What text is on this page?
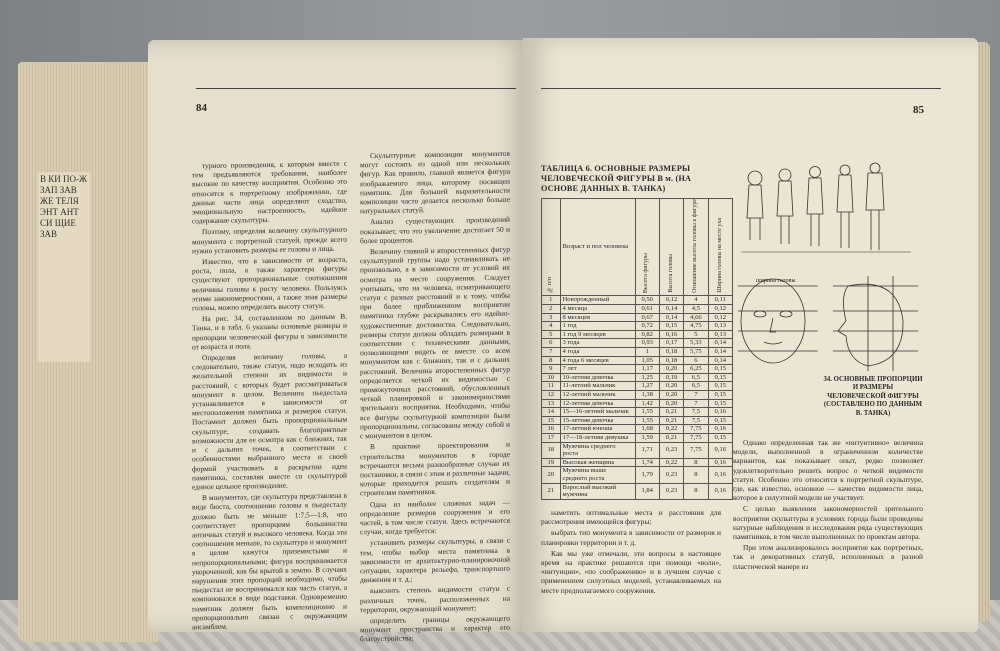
В КИ ПО-Ж ЗАП ЗАВ ЖЕ ТЕЛЯ ЭНТ АНТ СИ ЩИЕ ЗАВ
84

турного произведения, к которым вместе с тем предъявляются требования, наиболее высокие по качеству восприятия. Особенно это относится к портретному изображению, где данные части лица определяют сходство, эмоциональную настроенность, идейное содержание скульптуры.

Поэтому, определяя величину скульптурного монумента с портретной статуей, прежде всего нужно установить размеры ее головы и лица.

Известно, что в зависимости от возраста, роста, пола, а также характера фигуры существуют пропорциональные соотношения величины головы к росту человека. Пользуясь этими закономерностями, а также зная размеры головы, можно определить высоту статуи.

На рис. 34, составленном по данным В. Танка, и в табл. 6 указаны основные размеры и пропорции человеческой фигуры в зависимости от возраста и пола.

Определяя величину головы, а следовательно, также статуи, надо исходить из желательной степени их видимости и расстояний, с которых будет рассматриваться монумент в целом. Величина пьедестала устанавливается в зависимости от местоположения памятника и размеров статуи. Постамент должен быть пропорциональным скульптуре, создавать благоприятные возможности для ее осмотра как с ближних, так и с дальних точек, в соответствии с особенностями выбранного места и своей формой участвовать в раскрытии идеи памятника, составляя вместе со скульптурой единое цельное произведение.

В монументах, где скульптура представлена в виде бюста, соотношение головы к пьедесталу должно быть не меньше 1:7,5—1:8, что соответствует пропорциям большинства античных статуй и высокого человека. Когда эти соотношения меньше, то скульптура и монумент в целом кажутся приземистыми и непропорциональными; фигура воспринимается укороченной, как бы врытой в землю. В случаях нарушения этих пропорций необходимо, чтобы пьедестал не воспринимался как часть статуи, а компоновался в виде подставки. Одновременно памятник должен быть композиционно и пропорционально связан с окружающим ансамблем.

Скульптурные композиции монументов могут состоять из одной или нескольких фигур. Как правило, главной является фигура изображаемого лица, которому посвящен памятник. Для большей выразительности композиции часто делается несколько больше натуральных статуй.

Анализ существующих произведений показывает, что это увеличение достигает 50 и более процентов.

Величину главной и второстепенных фигур скульптурной группы надо устанавливать не произвольно, а в зависимости от условий их осмотра на месте сооружения. Следует учитывать, что на человека, осматривающего статуи с разных расстояний и к тому, чтобы при более приближенном восприятии памятника глубже раскрывались его идейно-художественные достоинства. Следовательно, размеры статуи должна обладать размерами в соответствии с техническими данными, позволяющими видеть ее вместе со всем монументом как с ближних, так и с дальних расстояний. Величина второстепенных фигур определяется четкой их видимостью с промежуточных расстояний, обусловленных четкой планировкой и закономерностями зрительного восприятия. Необходимо, чтобы все фигуры скульптурной композиции были пропорциональны, согласованы между собой и с монументом в целом.

В практике проектирования и строительства монументов в городе встречаются весьма разнообразные случаи их постановки, в связи с этим и различные задачи, которые приходится решать создателям и строителям памятников.

Одна из наиболее сложных задач — определение размеров сооружения и его частей, в том числе статуи. Здесь встречаются случаи, когда требуется:

установить размеры скульптуры, в связи с тем, чтобы выбор места памятника в зависимости от архитектурно-планировочной ситуации, характера рельефа, транспортного движения и т. д.;

выяснить степень видимости статуи с различных точек, расположенных на территории, окружающей монумент;

определить границы окружающего монумент пространства и характер его благоустройства;

85
ТАБЛИЦА 6. ОСНОВНЫЕ РАЗМЕРЫ ЧЕЛОВЕЧЕСКОЙ ФИГУРЫ В м. (НА ОСНОВЕ ДАННЫХ В. ТАНКА)
№ п/п	Возраст и пол человека	Высота фигуры	Высота головы	Отношение высоты головы к фигуре	Ширина головы на месте уха
1	Новорожденный	0,50	0,12	4	0,11
2	4 месяца	0,61	0,14	4,5	0,12
3	8 месяцев	0,67	0,14	4,66	0,12
4	1 год	0,72	0,15	4,75	0,13
5	1 год 9 месяцев	0,82	0,16	5	0,13
6	3 года	0,93	0,17	5,33	0,14
7	4 года	1	0,18	5,75	0,14
8	4 года 6 месяцев	1,05	0,18	6	0,14
9	7 лет	1,17	0,20	6,25	0,15
10	10-летняя девочка	1,25	0,19	6,5	0,15
11	11-летний мальчик	1,27	0,20	6,5	0,15
12	12-летний мальчик	1,38	0,20	7	0,15
13	12-летняя девочка	1,42	0,20	7	0,15
14	15—16-летний мальчик	1,55	0,21	7,5	0,16
15	15-летняя девочка	1,55	0,21	7,5	0,15
16	17-летний юноша	1,68	0,22	7,75	0,16
17	17—18-летняя девушка	1,59	0,21	7,75	0,15
18	Мужчина среднего роста	1,71	0,23	7,75	0,16
19	Высокая женщина	1,74	0,22	8	0,16
20	Мужчина выше среднего роста	1,79	0,23	8	0,16
21	Взрослый высокий мужчина	1,84	0,23	8	0,16
ширина головы
34. ОСНОВНЫЕ ПРОПОРЦИИ И РАЗМЕРЫ ЧЕЛОВЕЧЕСКОЙ ФИГУРЫ (СОСТАВЛЕНО ПО ДАННЫМ В. ТАНКА)

наметить оптимальные места и расстояния для рассмотрения имеющейся фигуры;

выбрать тип монумента в зависимости от размеров и планировки территории и т. д.

Как мы уже отмечали, эти вопросы в настоящее время на практике решаются при помощи «воли», «интуиции», «по соображению» и в лучшем случае с применением силуэтных моделей, устанавливаемых на месте предполагаемого сооружения.

Однако определенная так же «интуитивно» величина модели, выполненной в ограниченном количестве вариантов, как показывает опыт, редко позволяет удовлетворительно решить вопрос о четкой видимости статуи. Особенно это относится к портретной скульптуре, где, как известно, основное — качество видимости лица, которое в силуэтной модели не участвует.

С целью выявления закономерностей зрительного восприятия скульптуры в условиях города были проведены натурные наблюдения и исследования ряда существующих памятников, в том числе выполненных по проектам автора.

При этом анализировалось восприятие как портретных, так и декоративных статуй, исполненных в разной пластической манере из
